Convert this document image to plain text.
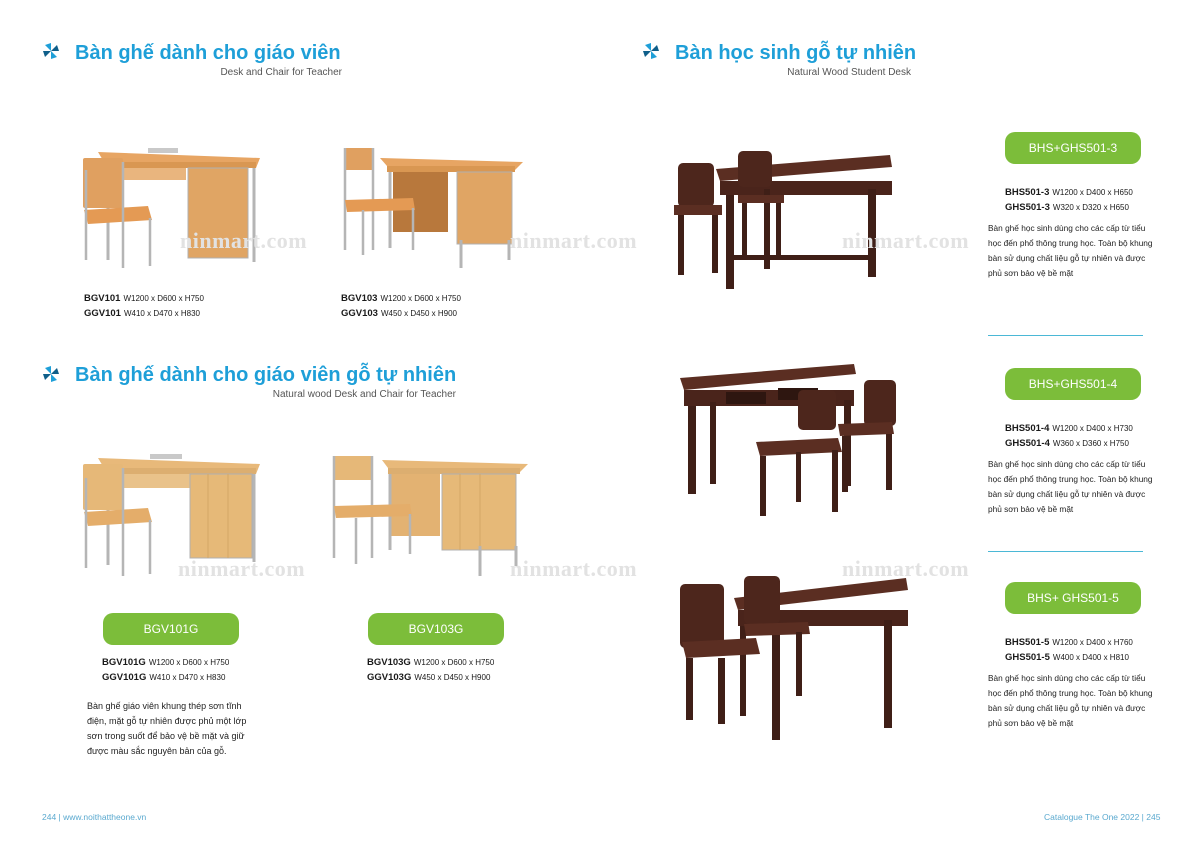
Bàn ghế dành cho giáo viên
Desk and Chair for Teacher
BGV101 W1200 x D600 x H750
GGV101 W410 x D470 x H830
BGV103 W1200 x D600 x H750
GGV103 W450 x D450 x H900
Bàn ghế dành cho giáo viên gỗ tự nhiên
Natural wood Desk and Chair for Teacher
BGV101G	BGV103G
BGV101G W1200 x D600 x H750
GGV101G W410 x D470 x H830
BGV103G W1200 x D600 x H750
GGV103G W450 x D450 x H900
Bàn ghế giáo viên khung thép sơn tĩnh điện, mặt gỗ tự nhiên được phủ một lớp sơn trong suốt để bảo vệ bề mặt và giữ được màu sắc nguyên bản của gỗ.
244 | www.noithattheone.vn
Bàn học sinh gỗ tự nhiên
Natural Wood Student Desk
ninmart.com	ninmart.com	ninmart.com
ninmart.com	ninmart.com	ninmart.com
BHS+GHS501-3
BHS501-3 W1200 x D400 x H650
GHS501-3 W320 x D320 x H650
Bàn ghế học sinh dùng cho các cấp từ tiểu học đến phổ thông trung học. Toàn bộ khung bàn sử dụng chất liệu gỗ tự nhiên và được phủ sơn bảo vệ bề mặt
BHS+GHS501-4
BHS501-4 W1200 x D400 x H730
GHS501-4 W360 x D360 x H750
Bàn ghế học sinh dùng cho các cấp từ tiểu học đến phổ thông trung học. Toàn bộ khung bàn sử dụng chất liệu gỗ tự nhiên và được phủ sơn bảo vệ bề mặt
BHS+ GHS501-5
BHS501-5 W1200 x D400 x H760
GHS501-5 W400 x D400 x H810
Bàn ghế học sinh dùng cho các cấp từ tiểu học đến phổ thông trung học. Toàn bộ khung bàn sử dụng chất liệu gỗ tự nhiên và được phủ sơn bảo vệ bề mặt
Catalogue The One 2022 | 245
